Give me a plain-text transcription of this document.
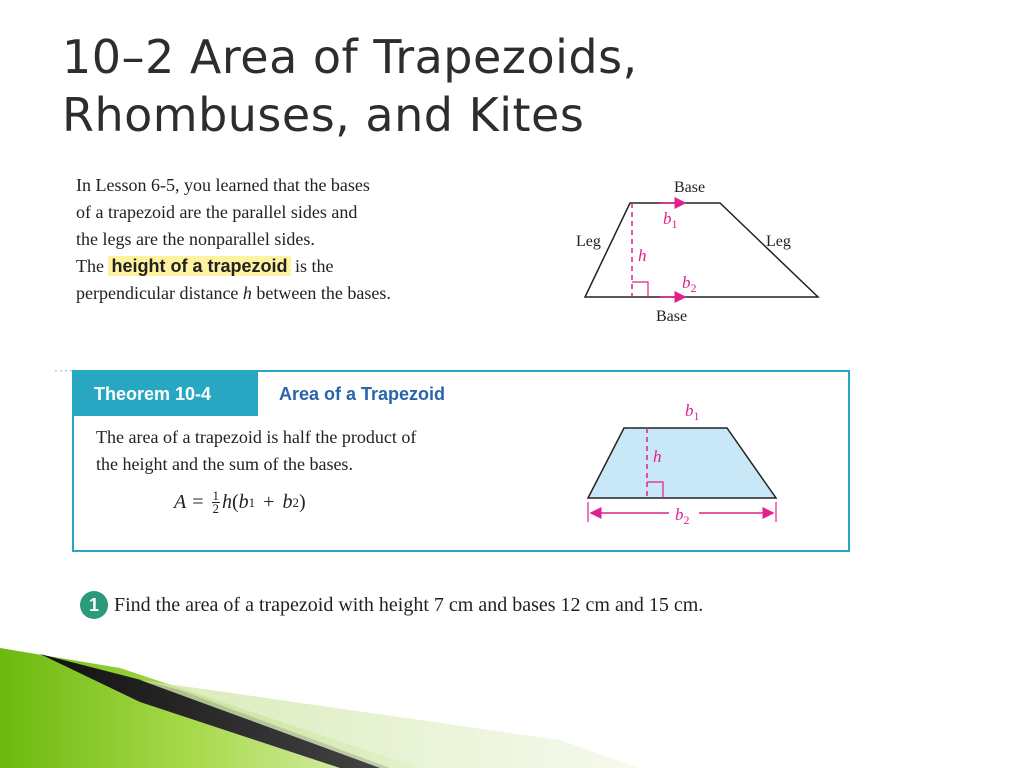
10–2 Area of Trapezoids,
Rhombuses, and Kites
In Lesson 6-5, you learned that the bases
of a trapezoid are the parallel sides and
the legs are the nonparallel sides.
The height of a trapezoid is the
perpendicular distance h between the bases.
Base
$b_1$
h
$b_2$
Leg	Leg
Base
····
Theorem 10-4	Area of a Trapezoid
The area of a trapezoid is half the product of
the height and the sum of the bases.
$A = \frac{1}{2}$ h ( b 1 + b 2 )
$b_1$
h
$b_2$
1 Find the area of a trapezoid with height 7 cm and bases 12 cm and 15 cm.
